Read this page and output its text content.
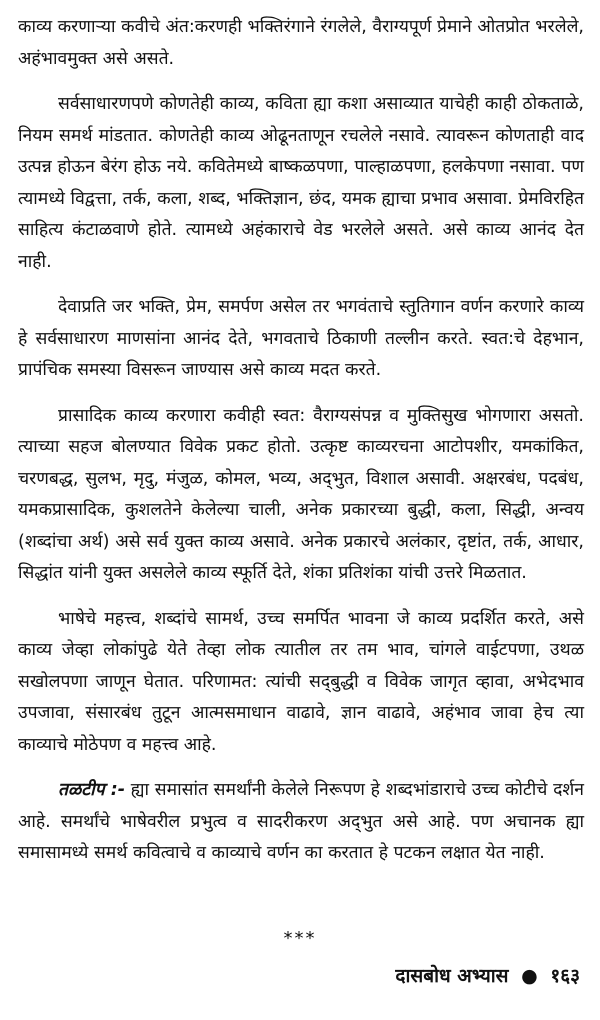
काव्य करणाऱ्या कवीचे अंत:करणही भक्तिरंगाने रंगलेले, वैराग्यपूर्ण प्रेमाने ओतप्रोत भरलेले, अहंभावमुक्त असे असते.

सर्वसाधारणपणे कोणतेही काव्य, कविता ह्या कशा असाव्यात याचेही काही ठोकताळे, नियम समर्थ मांडतात. कोणतेही काव्य ओढूनताणून रचलेले नसावे. त्यावरून कोणताही वाद उत्पन्न होऊन बेरंग होऊ नये. कवितेमध्ये बाष्कळपणा, पाल्हाळपणा, हलकेपणा नसावा. पण त्यामध्ये विद्वत्ता, तर्क, कला, शब्द, भक्तिज्ञान, छंद, यमक ह्याचा प्रभाव असावा. प्रेमविरहित साहित्य कंटाळवाणे होते. त्यामध्ये अहंकाराचे वेड भरलेले असते. असे काव्य आनंद देत नाही.

देवाप्रति जर भक्ति, प्रेम, समर्पण असेल तर भगवंताचे स्तुतिगान वर्णन करणारे काव्य हे सर्वसाधारण माणसांना आनंद देते, भगवताचे ठिकाणी तल्लीन करते. स्वत:चे देहभान, प्रापंचिक समस्या विसरून जाण्यास असे काव्य मदत करते.

प्रासादिक काव्य करणारा कवीही स्वत: वैराग्यसंपन्न व मुक्तिसुख भोगणारा असतो. त्याच्या सहज बोलण्यात विवेक प्रकट होतो. उत्कृष्ट काव्यरचना आटोपशीर, यमकांकित, चरणबद्ध, सुलभ, मृदु, मंजुळ, कोमल, भव्य, अद्‌भुत, विशाल असावी. अक्षरबंध, पदबंध, यमकप्रासादिक, कुशलतेने केलेल्या चाली, अनेक प्रकारच्या बुद्धी, कला, सिद्धी, अन्वय (शब्दांचा अर्थ) असे सर्व युक्त काव्य असावे. अनेक प्रकारचे अलंकार, दृष्टांत, तर्क, आधार, सिद्धांत यांनी युक्त असलेले काव्य स्फूर्ति देते, शंका प्रतिशंका यांची उत्तरे मिळतात.

भाषेचे महत्त्व, शब्दांचे सामर्थ, उच्च समर्पित भावना जे काव्य प्रदर्शित करते, असे काव्य जेव्हा लोकांपुढे येते तेव्हा लोक त्यातील तर तम भाव, चांगले वाईटपणा, उथळ सखोलपणा जाणून घेतात. परिणामत: त्यांची सद्‌बुद्धी व विवेक जागृत व्हावा, अभेदभाव उपजावा, संसारबंध तुटून आत्मसमाधान वाढावे, ज्ञान वाढावे, अहंभाव जावा हेच त्या काव्याचे मोठेपण व महत्त्व आहे.

तळटीप :- ह्या समासांत समर्थांनी केलेले निरूपण हे शब्दभांडाराचे उच्च कोटीचे दर्शन आहे. समर्थांचे भाषेवरील प्रभुत्व व सादरीकरण अद्‌भुत असे आहे. पण अचानक ह्या समासामध्ये समर्थ कवित्वाचे व काव्याचे वर्णन का करतात हे पटकन लक्षात येत नाही.

***
दासबोध अभ्यास ● १६३
